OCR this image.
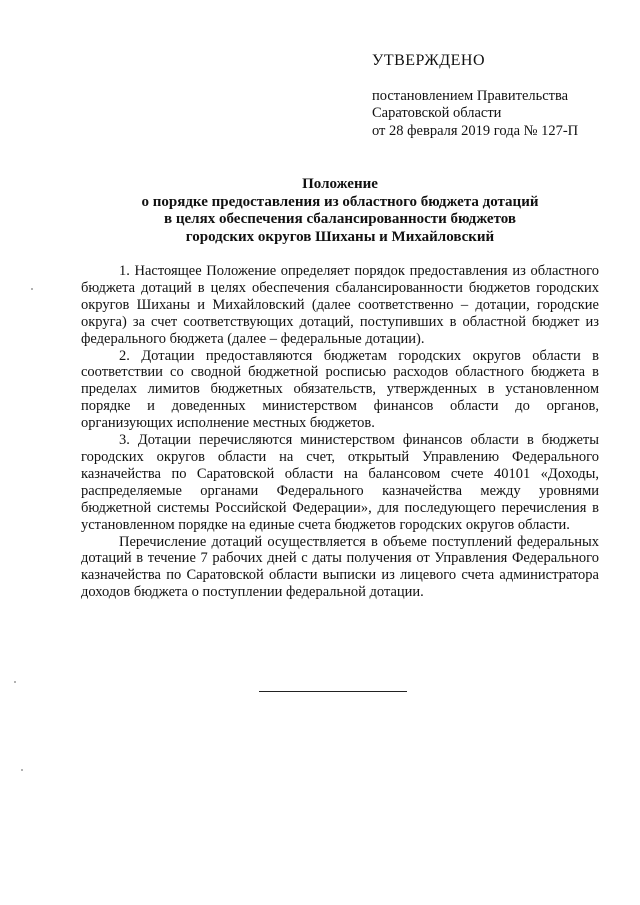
УТВЕРЖДЕНО
постановлением Правительства
Саратовской области
от 28 февраля 2019 года № 127-П
Положение
о порядке предоставления из областного бюджета дотаций
в целях обеспечения сбалансированности бюджетов
городских округов Шиханы и Михайловский

1. Настоящее Положение определяет порядок предоставления из областного бюджета дотаций в целях обеспечения сбалансированности бюджетов городских округов Шиханы и Михайловский (далее соответственно – дотации, городские округа) за счет соответствующих дотаций, поступивших в областной бюджет из федерального бюджета (далее – федеральные дотации).

2. Дотации предоставляются бюджетам городских округов области в соответствии со сводной бюджетной росписью расходов областного бюджета в пределах лимитов бюджетных обязательств, утвержденных в установленном порядке и доведенных министерством финансов области до органов, организующих исполнение местных бюджетов.

3. Дотации перечисляются министерством финансов области в бюджеты городских округов области на счет, открытый Управлению Федерального казначейства по Саратовской области на балансовом счете 40101 «Доходы, распределяемые органами Федерального казначейства между уровнями бюджетной системы Российской Федерации», для последующего перечисления в установленном порядке на единые счета бюджетов городских округов области.

Перечисление дотаций осуществляется в объеме поступлений федеральных дотаций в течение 7 рабочих дней с даты получения от Управления Федерального казначейства по Саратовской области выписки из лицевого счета администратора доходов бюджета о поступлении федеральной дотации.
